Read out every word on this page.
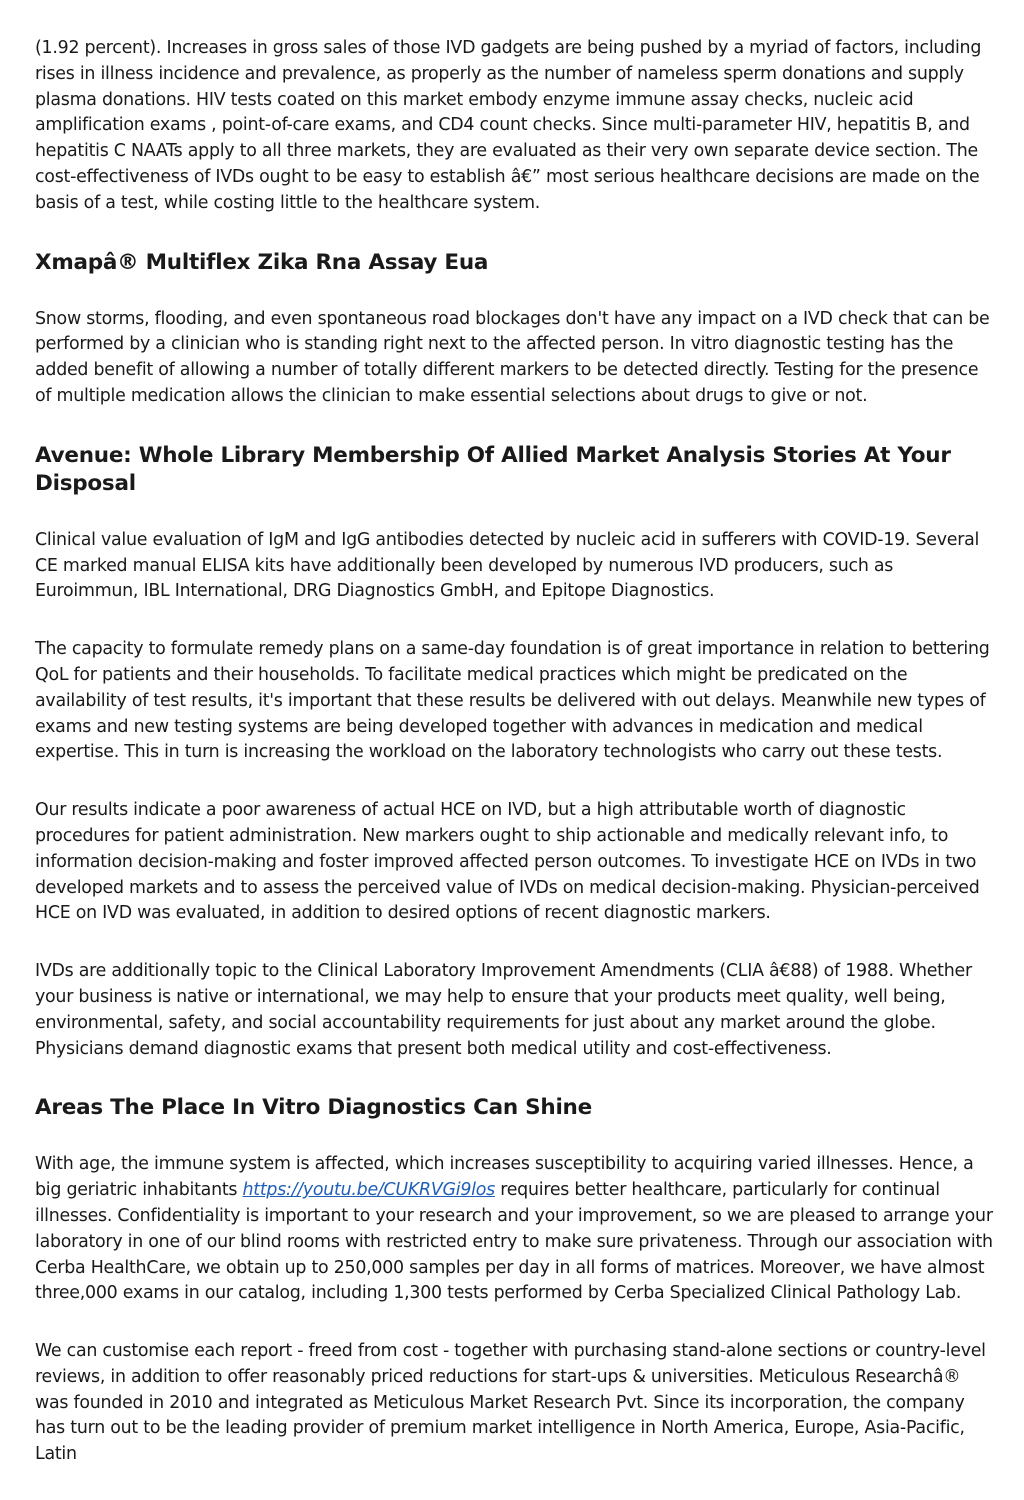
(1.92 percent). Increases in gross sales of those IVD gadgets are being pushed by a myriad of factors, including rises in illness incidence and prevalence, as properly as the number of nameless sperm donations and supply plasma donations. HIV tests coated on this market embody enzyme immune assay checks, nucleic acid amplification exams , point-of-care exams, and CD4 count checks. Since multi-parameter HIV, hepatitis B, and hepatitis C NAATs apply to all three markets, they are evaluated as their very own separate device section. The cost-effectiveness of IVDs ought to be easy to establish â€” most serious healthcare decisions are made on the basis of a test, while costing little to the healthcare system.

Xmapâ® Multiflex Zika Rna Assay Eua

Snow storms, flooding, and even spontaneous road blockages don't have any impact on a IVD check that can be performed by a clinician who is standing right next to the affected person. In vitro diagnostic testing has the added benefit of allowing a number of totally different markers to be detected directly. Testing for the presence of multiple medication allows the clinician to make essential selections about drugs to give or not.

Avenue: Whole Library Membership Of Allied Market Analysis Stories At Your Disposal

Clinical value evaluation of IgM and IgG antibodies detected by nucleic acid in sufferers with COVID-19. Several CE marked manual ELISA kits have additionally been developed by numerous IVD producers, such as Euroimmun, IBL International, DRG Diagnostics GmbH, and Epitope Diagnostics.

The capacity to formulate remedy plans on a same-day foundation is of great importance in relation to bettering QoL for patients and their households. To facilitate medical practices which might be predicated on the availability of test results, it's important that these results be delivered with out delays. Meanwhile new types of exams and new testing systems are being developed together with advances in medication and medical expertise. This in turn is increasing the workload on the laboratory technologists who carry out these tests.

Our results indicate a poor awareness of actual HCE on IVD, but a high attributable worth of diagnostic procedures for patient administration. New markers ought to ship actionable and medically relevant info, to information decision-making and foster improved affected person outcomes. To investigate HCE on IVDs in two developed markets and to assess the perceived value of IVDs on medical decision-making. Physician-perceived HCE on IVD was evaluated, in addition to desired options of recent diagnostic markers.

IVDs are additionally topic to the Clinical Laboratory Improvement Amendments (CLIA â€88) of 1988. Whether your business is native or international, we may help to ensure that your products meet quality, well being, environmental, safety, and social accountability requirements for just about any market around the globe. Physicians demand diagnostic exams that present both medical utility and cost-effectiveness.

Areas The Place In Vitro Diagnostics Can Shine

With age, the immune system is affected, which increases susceptibility to acquiring varied illnesses. Hence, a big geriatric inhabitants https://youtu.be/CUKRVGi9los requires better healthcare, particularly for continual illnesses. Confidentiality is important to your research and your improvement, so we are pleased to arrange your laboratory in one of our blind rooms with restricted entry to make sure privateness. Through our association with Cerba HealthCare, we obtain up to 250,000 samples per day in all forms of matrices. Moreover, we have almost three,000 exams in our catalog, including 1,300 tests performed by Cerba Specialized Clinical Pathology Lab.

We can customise each report - freed from cost - together with purchasing stand-alone sections or country-level reviews, in addition to offer reasonably priced reductions for start-ups & universities. Meticulous Researchâ® was founded in 2010 and integrated as Meticulous Market Research Pvt. Since its incorporation, the company has turn out to be the leading provider of premium market intelligence in North America, Europe, Asia-Pacific, Latin
